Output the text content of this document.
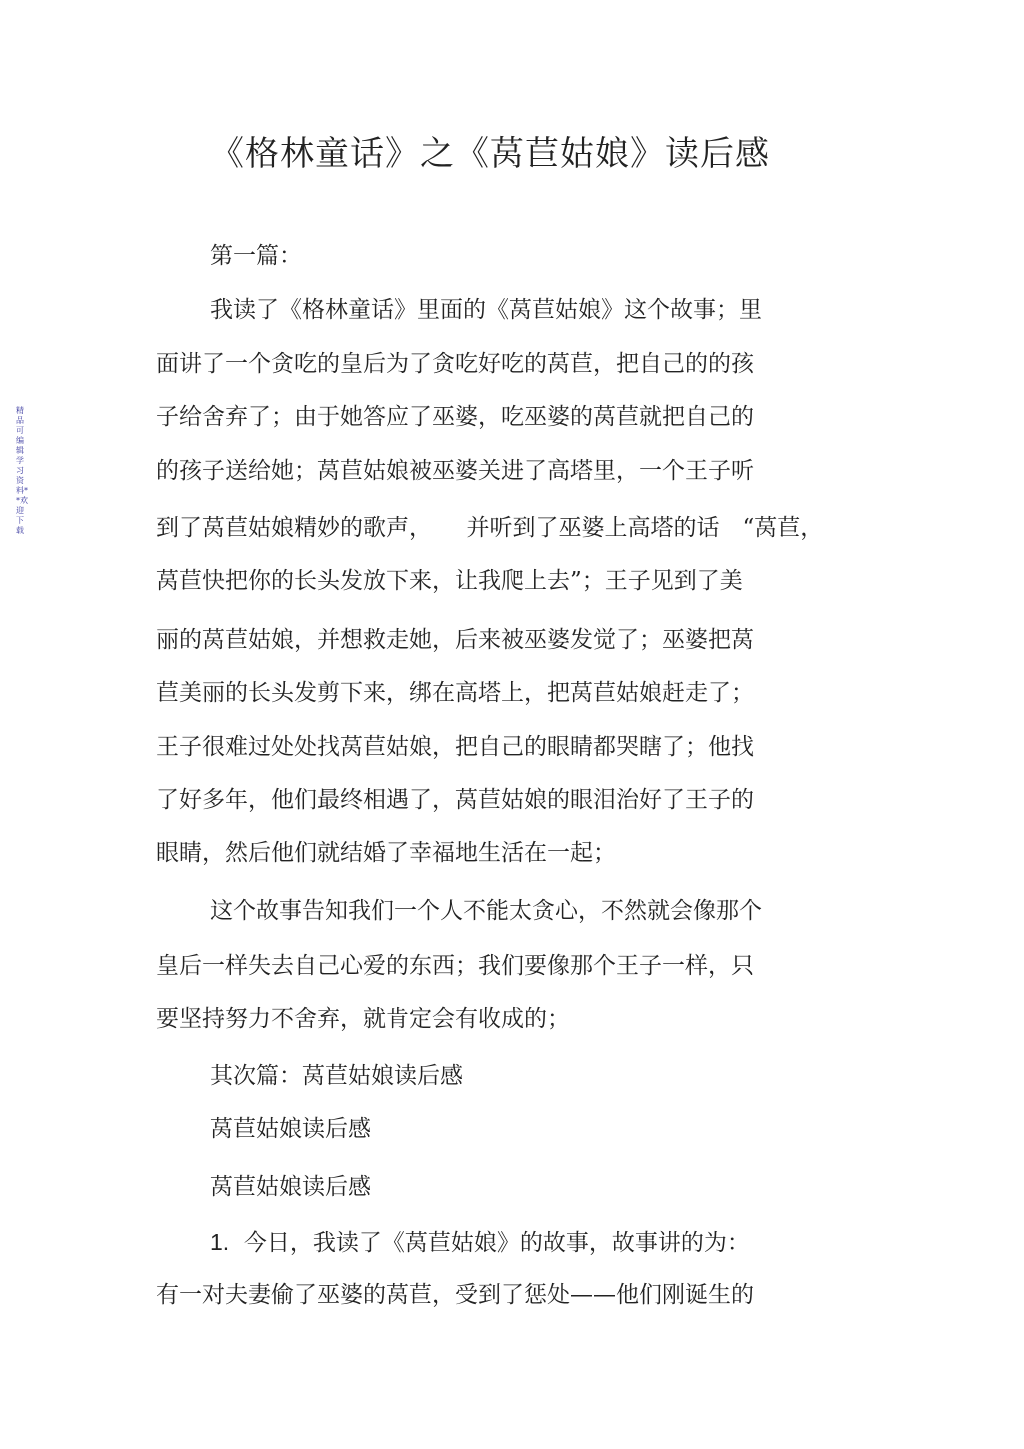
《格林童话》之《莴苣姑娘》读后感
精品可编辑学习资料**欢迎下载

第一篇：

我读了《格林童话》里面的《莴苣姑娘》这个故事；里

面讲了一个贪吃的皇后为了贪吃好吃的莴苣，把自己的的孩

子给舍弃了；由于她答应了巫婆，吃巫婆的莴苣就把自己的

的孩子送给她；莴苣姑娘被巫婆关进了高塔里，一个王子听

到了莴苣姑娘精妙的歌声，　　并听到了巫婆上高塔的话　“莴苣，

莴苣快把你的长头发放下来，让我爬上去”；王子见到了美

丽的莴苣姑娘，并想救走她，后来被巫婆发觉了；巫婆把莴

苣美丽的长头发剪下来，绑在高塔上，把莴苣姑娘赶走了；

王子很难过处处找莴苣姑娘，把自己的眼睛都哭瞎了；他找

了好多年，他们最终相遇了，莴苣姑娘的眼泪治好了王子的

眼睛，然后他们就结婚了幸福地生活在一起；

这个故事告知我们一个人不能太贪心，不然就会像那个

皇后一样失去自己心爱的东西；我们要像那个王子一样，只

要坚持努力不舍弃，就肯定会有收成的；

其次篇：莴苣姑娘读后感

莴苣姑娘读后感

莴苣姑娘读后感

1. 今日，我读了《莴苣姑娘》的故事，故事讲的为：

有一对夫妻偷了巫婆的莴苣，受到了惩处——他们刚诞生的
